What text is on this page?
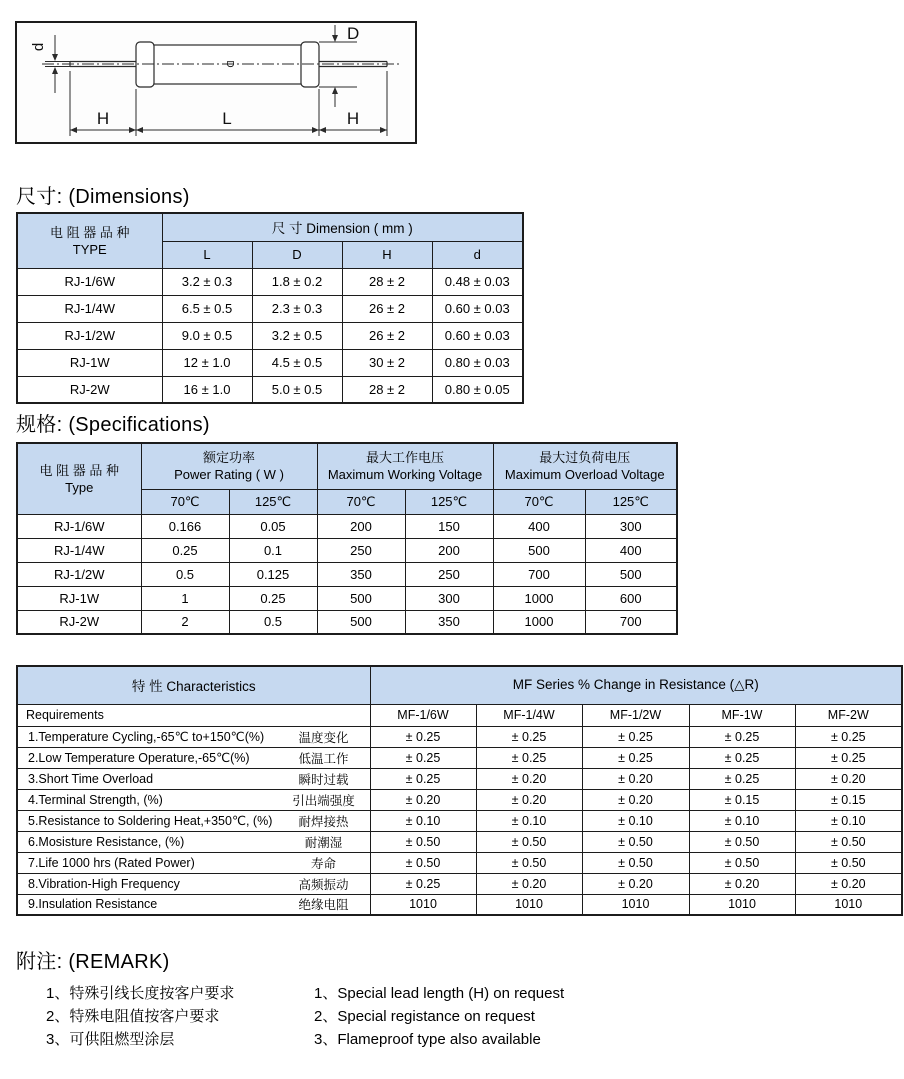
d
D
D
H	L	H
尺寸: (Dimensions)
电 阻 器 品 种
TYPE	尺 寸 Dimension ( mm )			
	L	D	H	d
RJ-1/6W	3.2 ± 0.3	1.8 ± 0.2	28 ± 2	0.48 ± 0.03
RJ-1/4W	6.5 ± 0.5	2.3 ± 0.3	26 ± 2	0.60 ± 0.03
RJ-1/2W	9.0 ± 0.5	3.2 ± 0.5	26 ± 2	0.60 ± 0.03
RJ-1W	12 ± 1.0	4.5 ± 0.5	30 ± 2	0.80 ± 0.03
RJ-2W	16 ± 1.0	5.0 ± 0.5	28 ± 2	0.80 ± 0.05
规格: (Specifications)
电 阻 器 品 种
Type

额定功率
Power Rating ( W )

最大工作电压
Maximum Working Voltage

最大过负荷电压
Maximum Overload Voltage

	70℃	125℃	70℃	125℃	70℃	125℃
RJ-1/6W	0.166	0.05	200	150	400	300
RJ-1/4W	0.25	0.1	250	200	500	400
RJ-1/2W	0.5	0.125	350	250	700	500
RJ-1W	1	0.25	500	300	1000	600
RJ-2W	2	0.5	500	350	1000	700
特 性 Characteristics	MF Series % Change in Resistance (△R)				
Requirements	MF-1/6W	MF-1/4W	MF-1/2W	MF-1W	MF-2W

1.Temperature Cycling,-65℃ to+150℃(%) 温度变化	± 0.25	± 0.25	± 0.25	± 0.25	± 0.25

2.Low Temperature Operature,-65℃(%) 低温工作	± 0.25	± 0.25	± 0.25	± 0.25	± 0.25

3.Short Time Overload 瞬时过载	± 0.25	± 0.20	± 0.20	± 0.25	± 0.20

4.Terminal Strength, (%) 引出端强度	± 0.20	± 0.20	± 0.20	± 0.15	± 0.15

5.Resistance to Soldering Heat,+350℃, (%) 耐焊接热	± 0.10	± 0.10	± 0.10	± 0.10	± 0.10

6.Mosisture Resistance, (%) 耐潮湿	± 0.50	± 0.50	± 0.50	± 0.50	± 0.50

7.Life 1000 hrs (Rated Power) 寿命	± 0.50	± 0.50	± 0.50	± 0.50	± 0.50

8.Vibration-High Frequency 高频振动	± 0.25	± 0.20	± 0.20	± 0.20	± 0.20

9.Insulation Resistance 绝缘电阻	1010	1010	1010	1010	1010
附注: (REMARK)
1、特殊引线长度按客户要求
2、特殊电阻值按客户要求
3、可供阻燃型涂层
1、Special lead length (H) on request
2、Special registance on request
3、Flameproof type also available
